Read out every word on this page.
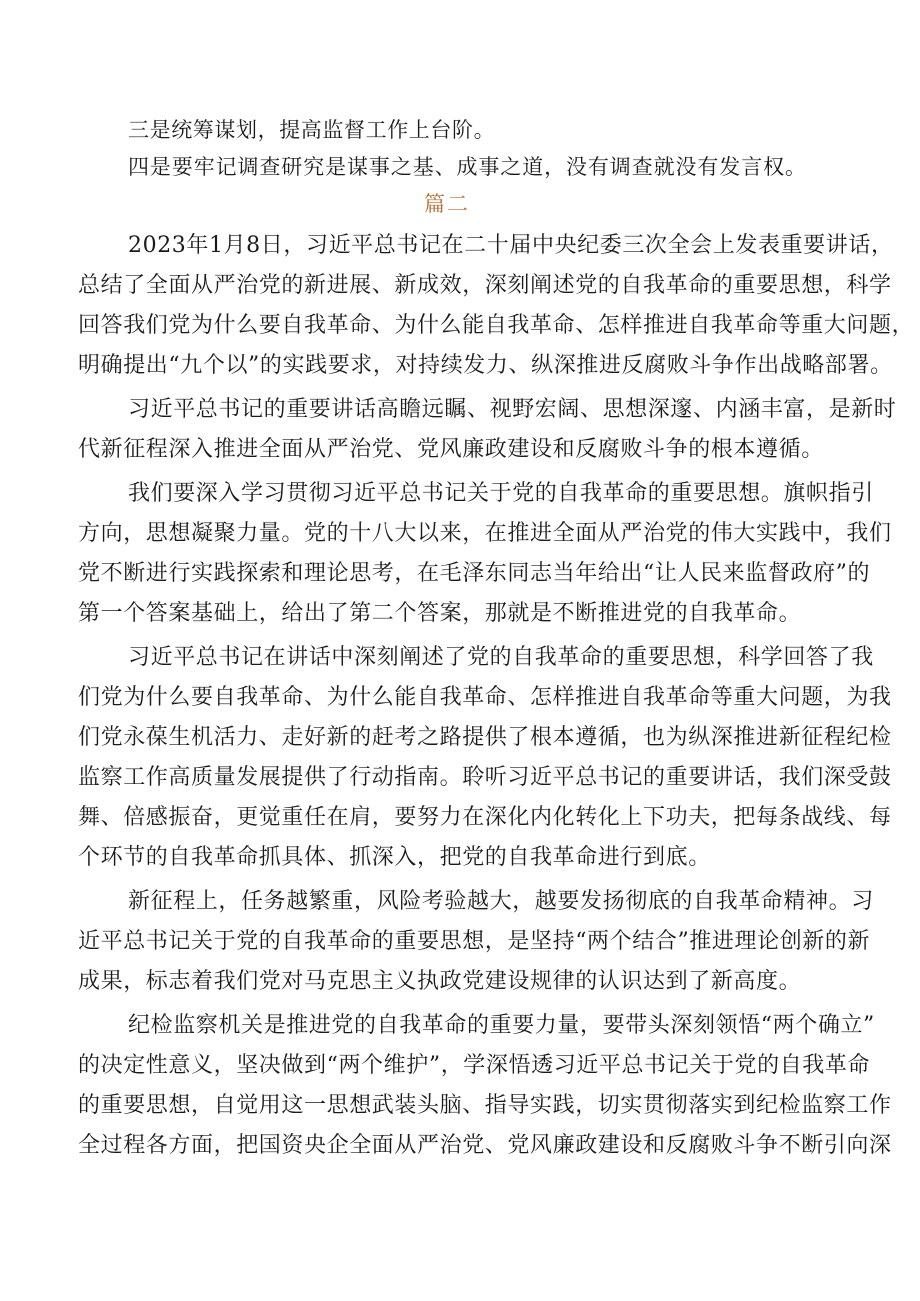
三是统筹谋划，提高监督工作上台阶。
四是要牢记调查研究是谋事之基、成事之道，没有调查就没有发言权。
篇二
2023年1月8日，习近平总书记在二十届中央纪委三次全会上发表重要讲话，
总结了全面从严治党的新进展、新成效，深刻阐述党的自我革命的重要思想，科学
回答我们党为什么要自我革命、为什么能自我革命、怎样推进自我革命等重大问题，
明确提出“九个以”的实践要求，对持续发力、纵深推进反腐败斗争作出战略部署。
习近平总书记的重要讲话高瞻远瞩、视野宏阔、思想深邃、内涵丰富，是新时
代新征程深入推进全面从严治党、党风廉政建设和反腐败斗争的根本遵循。
我们要深入学习贯彻习近平总书记关于党的自我革命的重要思想。旗帜指引
方向，思想凝聚力量。党的十八大以来，在推进全面从严治党的伟大实践中，我们
党不断进行实践探索和理论思考，在毛泽东同志当年给出“让人民来监督政府”的
第一个答案基础上，给出了第二个答案，那就是不断推进党的自我革命。
习近平总书记在讲话中深刻阐述了党的自我革命的重要思想，科学回答了我
们党为什么要自我革命、为什么能自我革命、怎样推进自我革命等重大问题，为我
们党永葆生机活力、走好新的赶考之路提供了根本遵循，也为纵深推进新征程纪检
监察工作高质量发展提供了行动指南。聆听习近平总书记的重要讲话，我们深受鼓
舞、倍感振奋，更觉重任在肩，要努力在深化内化转化上下功夫，把每条战线、每
个环节的自我革命抓具体、抓深入，把党的自我革命进行到底。
新征程上，任务越繁重，风险考验越大，越要发扬彻底的自我革命精神。习
近平总书记关于党的自我革命的重要思想，是坚持“两个结合”推进理论创新的新
成果，标志着我们党对马克思主义执政党建设规律的认识达到了新高度。
纪检监察机关是推进党的自我革命的重要力量，要带头深刻领悟“两个确立”
的决定性意义，坚决做到“两个维护”，学深悟透习近平总书记关于党的自我革命
的重要思想，自觉用这一思想武装头脑、指导实践，切实贯彻落实到纪检监察工作
全过程各方面，把国资央企全面从严治党、党风廉政建设和反腐败斗争不断引向深
